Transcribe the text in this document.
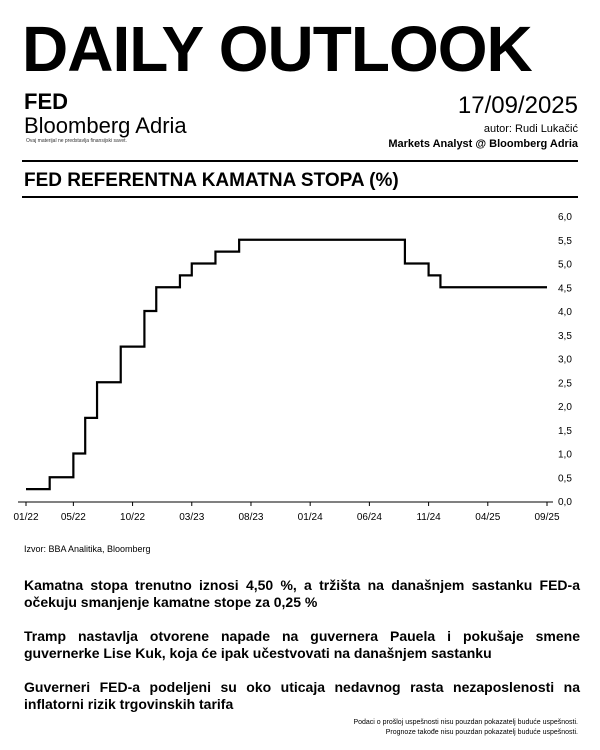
DAILY OUTLOOK
FED
Bloomberg Adria
Ovaj materijal ne predstavlja finansijski savet.
17/09/2025
autor: Rudi Lukačić
Markets Analyst @ Bloomberg Adria
FED REFERENTNA KAMATNA STOPA (%)
01/22 05/22	10/22	03/23	08/23	01/24	06/24	11/24	04/25	09/25
0,0
0,5
1,0
1,5
2,0
2,5
3,0
3,5
4,0
4,5
5,0
5,5
6,0
Izvor: BBA Analitika, Bloomberg

Kamatna stopa trenutno iznosi 4,50 %, a tržišta na današnjem sastanku FED-a očekuju smanjenje kamatne stope za 0,25 %

Tramp nastavlja otvorene napade na guvernera Pauela i pokušaje smene guvernerke Lise Kuk, koja će ipak učestvovati na današnjem sastanku

Guverneri FED-a podeljeni su oko uticaja nedavnog rasta nezaposlenosti na inflatorni rizik trgovinskih tarifa

Podaci o prošloj uspešnosti nisu pouzdan pokazatelj buduće uspešnosti.
Prognoze takođe nisu pouzdan pokazatelj buduće uspešnosti.
